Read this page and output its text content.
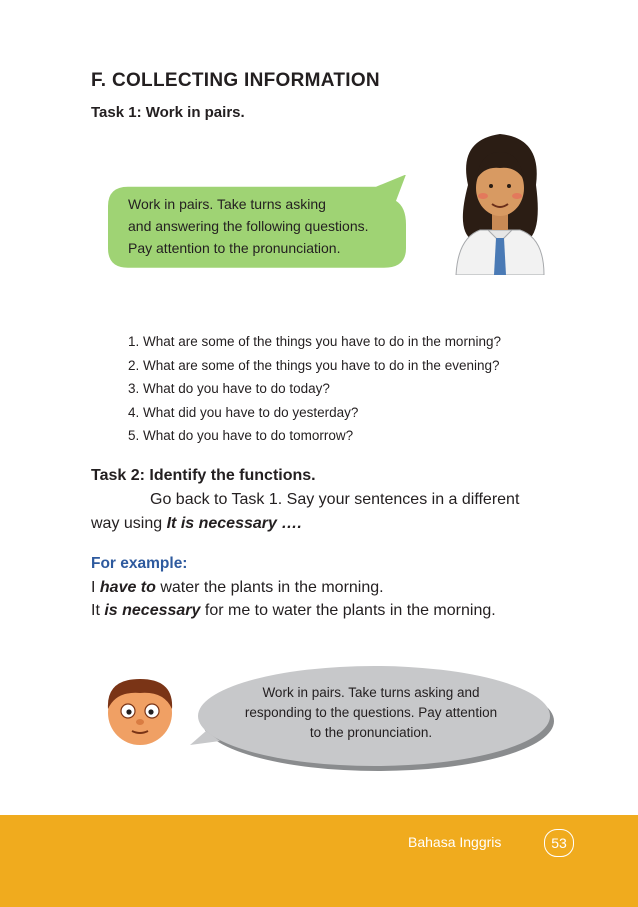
F. COLLECTING INFORMATION
Task 1: Work in pairs.
Work in pairs. Take turns asking
and answering the following questions.
Pay attention to the pronunciation.
1. What are some of the things you have to do in the morning?
2. What are some of the things you have to do in the evening?
3. What do you have to do today?
4. What did you have to do yesterday?
5. What do you have to do tomorrow?
Task 2: Identify the functions.
Go back to Task 1. Say your sentences in a different
way using It is necessary ….
For example:
I have to water the plants in the morning.
It is necessary for me to water the plants in the morning.
Work in pairs. Take turns asking and
responding to the questions. Pay attention
to the pronunciation.
Bahasa Inggris	53
